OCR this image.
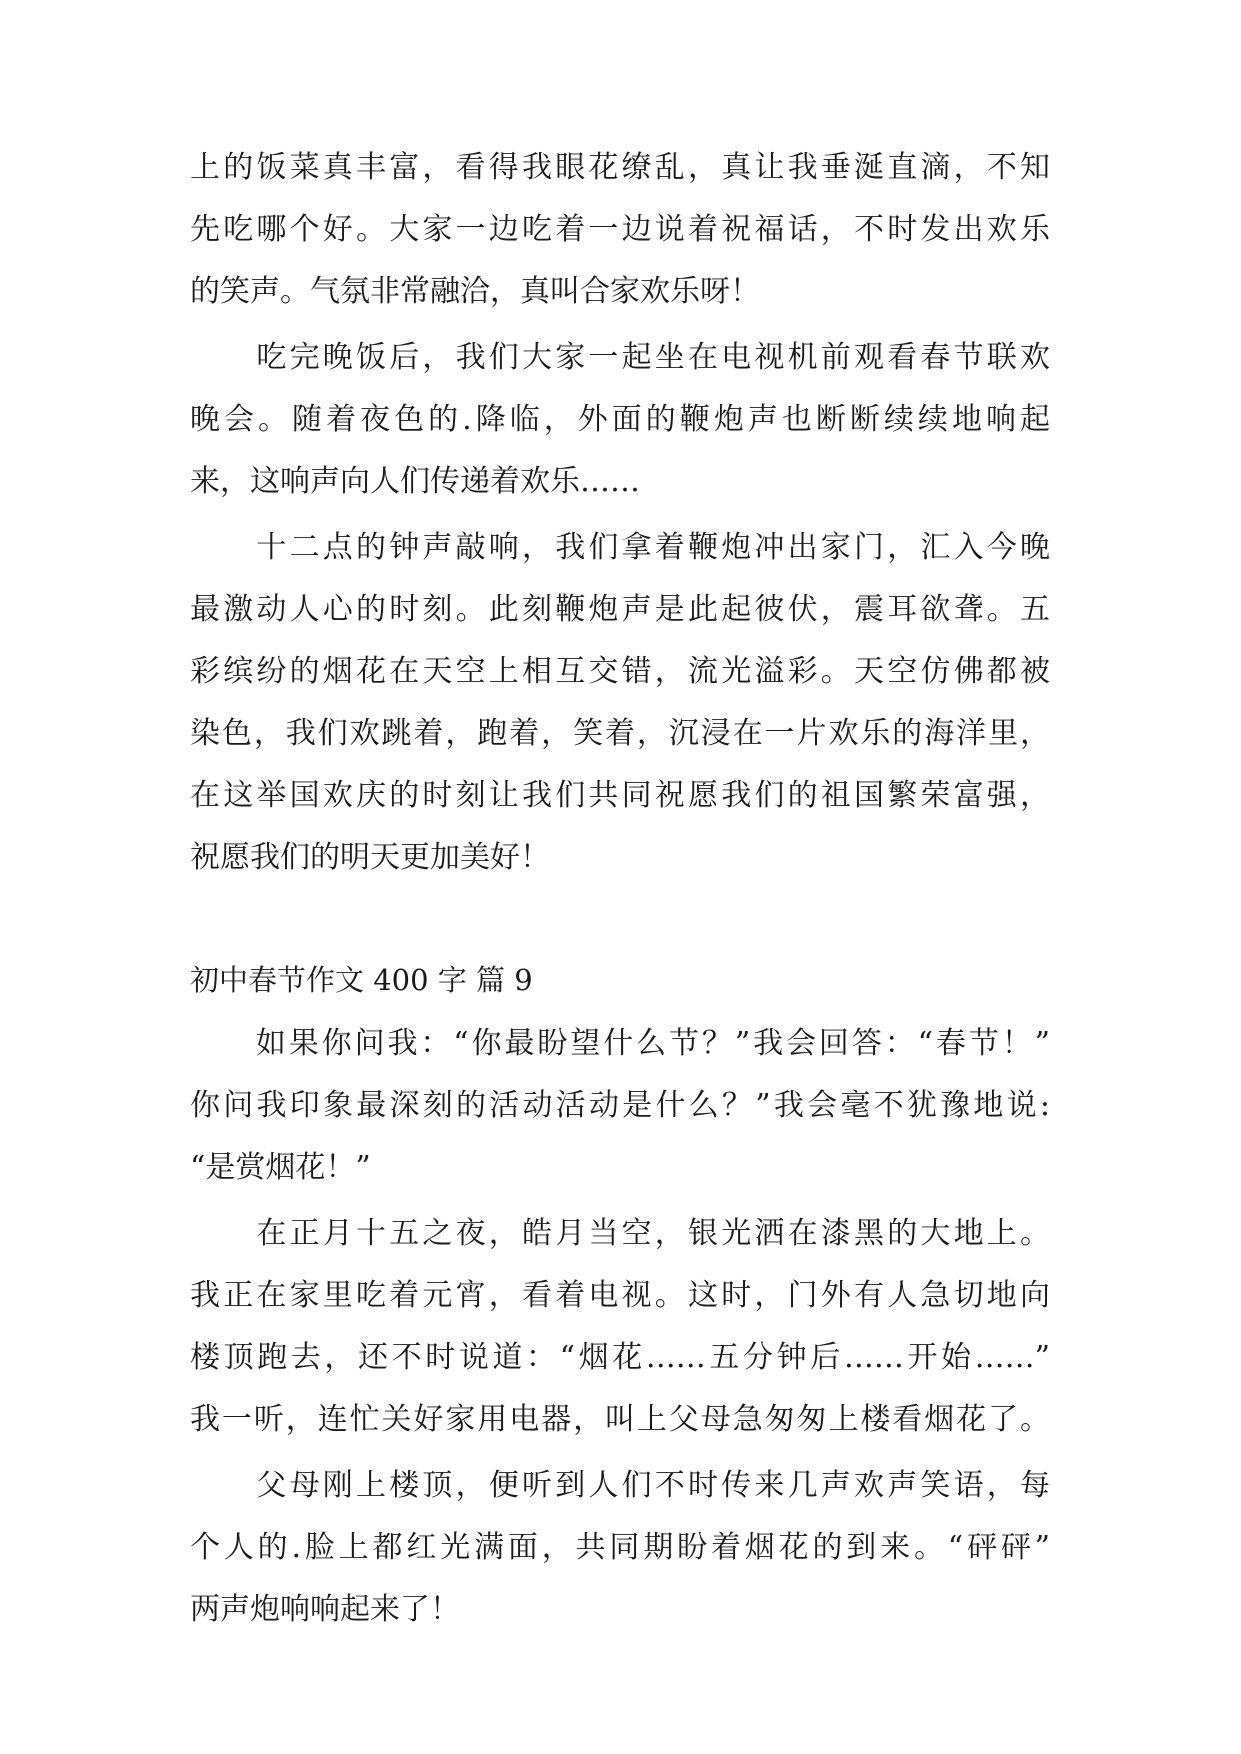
上的饭菜真丰富，看得我眼花缭乱，真让我垂涎直滴，不知
先吃哪个好。大家一边吃着一边说着祝福话，不时发出欢乐
的笑声。气氛非常融洽，真叫合家欢乐呀！
　　吃完晚饭后，我们大家一起坐在电视机前观看春节联欢
晚会。随着夜色的.降临，外面的鞭炮声也断断续续地响起
来，这响声向人们传递着欢乐……
　　十二点的钟声敲响，我们拿着鞭炮冲出家门，汇入今晚
最激动人心的时刻。此刻鞭炮声是此起彼伏，震耳欲聋。五
彩缤纷的烟花在天空上相互交错，流光溢彩。天空仿佛都被
染色，我们欢跳着，跑着，笑着，沉浸在一片欢乐的海洋里，
在这举国欢庆的时刻让我们共同祝愿我们的祖国繁荣富强，
祝愿我们的明天更加美好！
初中春节作文 400 字 篇 9
　　如果你问我：“你最盼望什么节？”我会回答：“春节！”
你问我印象最深刻的活动活动是什么？”我会毫不犹豫地说:
“是赏烟花！”
　　在正月十五之夜，皓月当空，银光洒在漆黑的大地上。
我正在家里吃着元宵，看着电视。这时，门外有人急切地向
楼顶跑去，还不时说道：“烟花……五分钟后……开始……”
我一听，连忙关好家用电器，叫上父母急匆匆上楼看烟花了。
　　父母刚上楼顶，便听到人们不时传来几声欢声笑语，每
个人的.脸上都红光满面，共同期盼着烟花的到来。“砰砰”
两声炮响响起来了！
